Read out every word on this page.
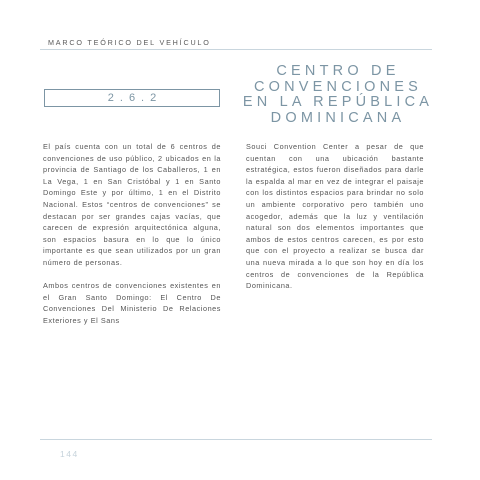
MARCO TEÓRICO DEL VEHÍCULO
2.6.2
CENTRO DE
CONVENCIONES
EN LA REPÚBLICA
DOMINICANA

El país cuenta con un total de 6 centros de convenciones de uso público, 2 ubicados en la provincia de Santiago de los Caballeros, 1 en La Vega, 1 en San Cristóbal y 1 en Santo Domingo Este y por último, 1 en el Distrito Nacional. Estos “centros de convenciones” se destacan por ser grandes cajas vacías, que carecen de expresión arquitectónica alguna, son espacios basura en lo que lo único importante es que sean utilizados por un gran número de personas.

Ambos centros de convenciones existentes en el Gran Santo Domingo: El Centro De Convenciones Del Ministerio De Relaciones Exteriores y El Sans

Souci Convention Center a pesar de que cuentan con una ubicación bastante estratégica, estos fueron diseñados para darle la espalda al mar en vez de integrar el paisaje con los distintos espacios para brindar no solo un ambiente corporativo pero también uno acogedor, además que la luz y ventilación natural son dos elementos importantes que ambos de estos centros carecen, es por esto que con el proyecto a realizar se busca dar una nueva mirada a lo que son hoy en día los centros de convenciones de la República Dominicana.

144
